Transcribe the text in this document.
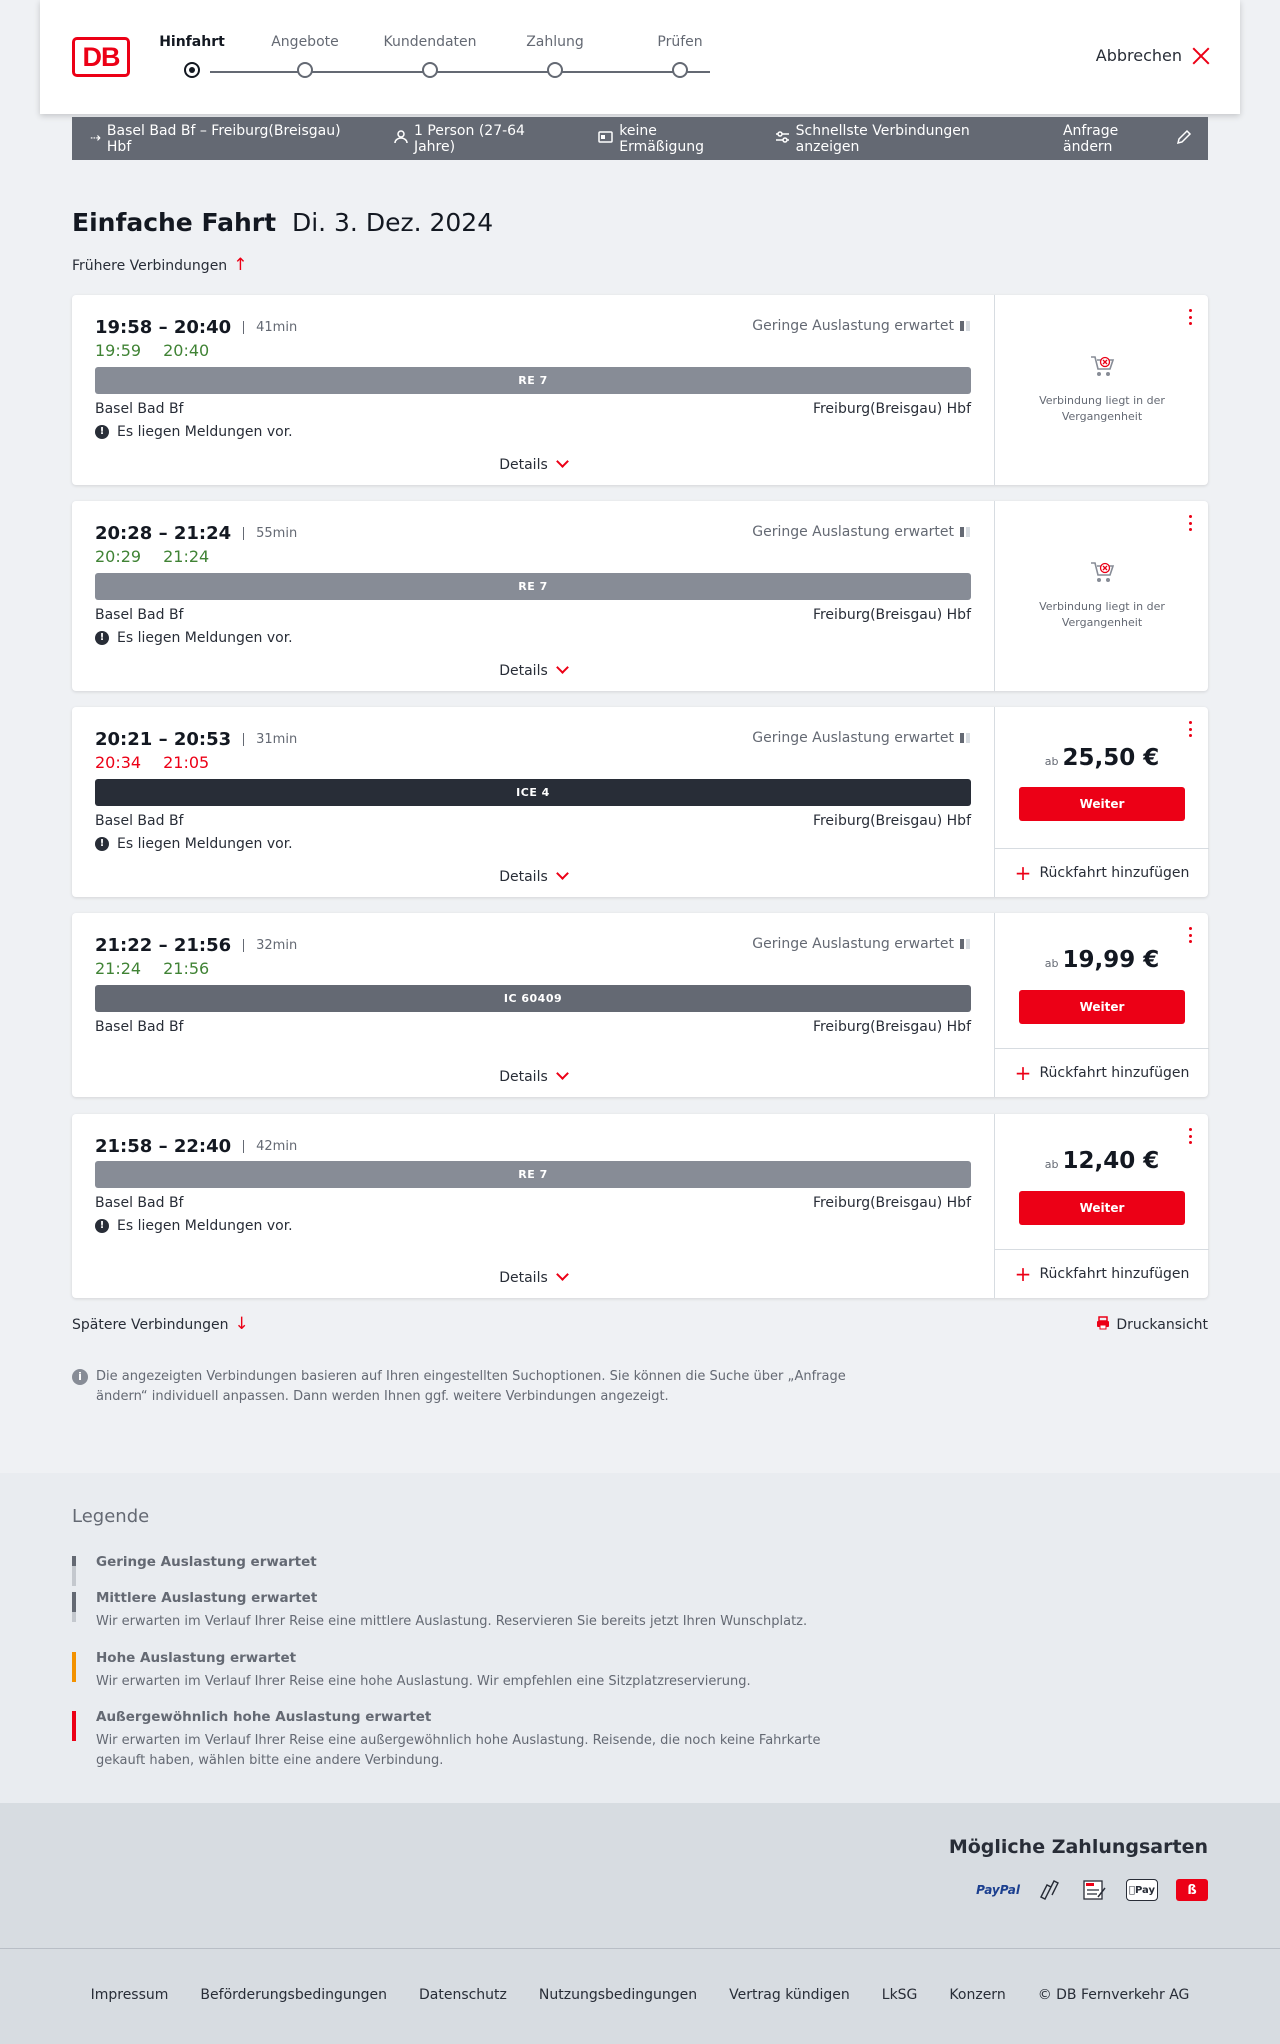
DB	Hinfahrt	Angebote	Kundendaten	Zahlung	Prüfen
Abbrechen
⇢ Basel Bad Bf – Freiburg(Breisgau) Hbf
1 Person (27-64 Jahre)
keine Ermäßigung
Schnellste Verbindungen anzeigen
Anfrage ändern
Einfache Fahrt Di. 3. Dez. 2024
Frühere Verbindungen ↑
19:58 – 20:40	41min
19:59 20:40
Geringe Auslastung erwartet
RE 7
Basel Bad Bf	Freiburg(Breisgau) Hbf
! Es liegen Meldungen vor.
Details
Verbindung liegt in der Vergangenheit
20:28 – 21:24	55min
20:29 21:24
Geringe Auslastung erwartet
RE 7
Basel Bad Bf	Freiburg(Breisgau) Hbf
! Es liegen Meldungen vor.
Details
Verbindung liegt in der Vergangenheit
20:21 – 20:53	31min
20:34 21:05
Geringe Auslastung erwartet
ICE 4
Basel Bad Bf	Freiburg(Breisgau) Hbf
! Es liegen Meldungen vor.
Details
ab 25,50 €
Weiter
+ Rückfahrt hinzufügen
21:22 – 21:56	32min
21:24 21:56
Geringe Auslastung erwartet
IC 60409
Basel Bad Bf	Freiburg(Breisgau) Hbf
Details
ab 19,99 €
Weiter
+ Rückfahrt hinzufügen
21:58 – 22:40	42min
RE 7
Basel Bad Bf	Freiburg(Breisgau) Hbf
! Es liegen Meldungen vor.
Details
ab 12,40 €
Weiter
+ Rückfahrt hinzufügen
Spätere Verbindungen ↓	Druckansicht
i	Die angezeigten Verbindungen basieren auf Ihren eingestellten Suchoptionen. Sie können die Suche über „Anfrage ändern“ individuell anpassen. Dann werden Ihnen ggf. weitere Verbindungen angezeigt.
Legende
Geringe Auslastung erwartet
Mittlere Auslastung erwartet
Wir erwarten im Verlauf Ihrer Reise eine mittlere Auslastung. Reservieren Sie bereits jetzt Ihren Wunschplatz.
Hohe Auslastung erwartet
Wir erwarten im Verlauf Ihrer Reise eine hohe Auslastung. Wir empfehlen eine Sitzplatzreservierung.
Außergewöhnlich hohe Auslastung erwartet
Wir erwarten im Verlauf Ihrer Reise eine außergewöhnlich hohe Auslastung. Reisende, die noch keine Fahrkarte gekauft haben, wählen bitte eine andere Verbindung.
Mögliche Zahlungsarten
PayPal	Pay	ß
Impressum Beförderungsbedingungen Datenschutz Nutzungsbedingungen Vertrag kündigen LkSG Konzern © DB Fernverkehr AG
